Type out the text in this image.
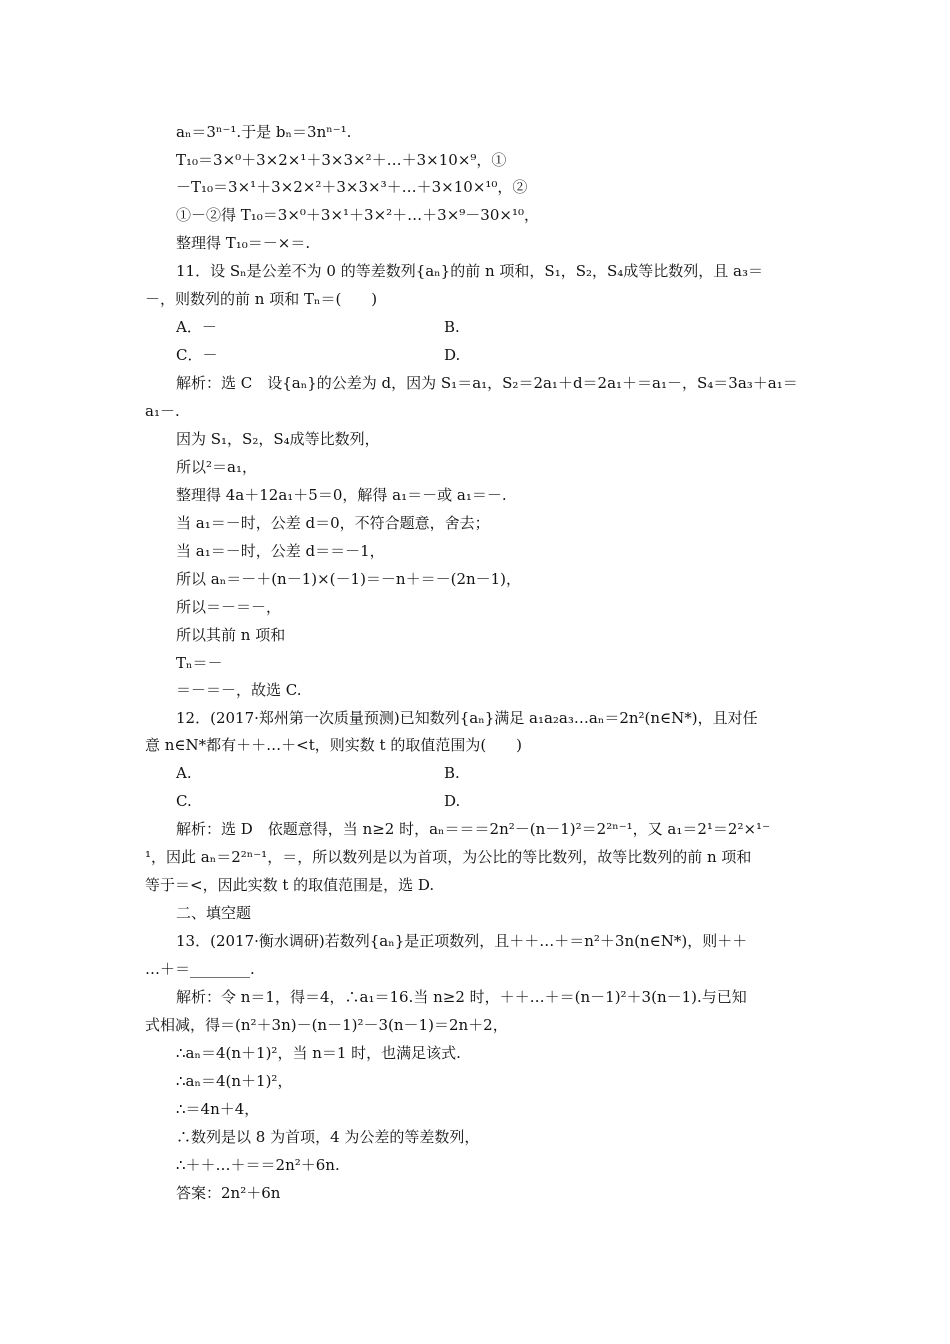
aₙ＝3ⁿ⁻¹.于是 bₙ＝3nⁿ⁻¹.
T₁₀＝3×⁰＋3×2×¹＋3×3×²＋…＋3×10×⁹，①
－T₁₀＝3×¹＋3×2×²＋3×3×³＋…＋3×10×¹⁰，②
①－②得 T₁₀＝3×⁰＋3×¹＋3×²＋…＋3×⁹－30×¹⁰，
整理得 T₁₀＝－×＝.
11．设 Sₙ是公差不为 0 的等差数列{aₙ}的前 n 项和，S₁，S₂，S₄成等比数列，且 a₃＝
－，则数列的前 n 项和 Tₙ＝(　　)
A．－	B.
C．－	D.
解析：选 C　设{aₙ}的公差为 d，因为 S₁＝a₁，S₂＝2a₁＋d＝2a₁＋＝a₁－，S₄＝3a₃＋a₁＝
a₁－.
因为 S₁，S₂，S₄成等比数列，
所以²＝a₁，
整理得 4a＋12a₁＋5＝0，解得 a₁＝－或 a₁＝－.
当 a₁＝－时，公差 d＝0，不符合题意，舍去；
当 a₁＝－时，公差 d＝＝－1，
所以 aₙ＝－＋(n－1)×(－1)＝－n＋＝－(2n－1)，
所以＝－＝－，
所以其前 n 项和
Tₙ＝－
＝－＝－，故选 C.
12．(2017·郑州第一次质量预测)已知数列{aₙ}满足 a₁a₂a₃…aₙ＝2n²(n∈N*)，且对任
意 n∈N*都有＋＋…＋<t，则实数 t 的取值范围为(　　)
A.	B.
C.	D.
解析：选 D　依题意得，当 n≥2 时，aₙ＝＝＝2n²－(n－1)²＝2²ⁿ⁻¹，又 a₁＝2¹＝2²×¹⁻
¹，因此 aₙ＝2²ⁿ⁻¹，＝，所以数列是以为首项，为公比的等比数列，故等比数列的前 n 项和
等于＝<，因此实数 t 的取值范围是，选 D.
二、填空题
13．(2017·衡水调研)若数列{aₙ}是正项数列，且＋＋…＋＝n²＋3n(n∈N*)，则＋＋
…＋＝________.
解析：令 n＝1，得＝4，∴a₁＝16.当 n≥2 时，＋＋…＋＝(n－1)²＋3(n－1).与已知
式相减，得＝(n²＋3n)－(n－1)²－3(n－1)＝2n＋2，
∴aₙ＝4(n＋1)²，当 n＝1 时，也满足该式.
∴aₙ＝4(n＋1)²，
∴＝4n＋4，
∴数列是以 8 为首项，4 为公差的等差数列，
∴＋＋…＋＝＝2n²＋6n.
答案：2n²＋6n
